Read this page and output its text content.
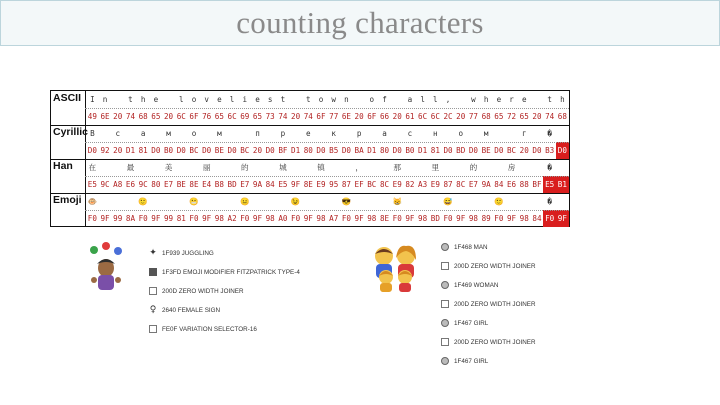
counting characters
ASCII	I	n	t	h	e	l	o	v	e	l	i	e	s	t	t	o	w	n	o	f	a	l	l	,	w	h	e	r	e	t	h
49 6E 20 74 68 65 20 6C 6F 76 65 6C 69 65 73 74 20 74 6F 77 6E 20 6F 66 20 61 6C 6C 2C 20 77 68 65 72 65 20 74 68
Cyrillic В	с	а	м	о	м	п	р	е	к	р	а	с	н	о	м	г	�
D0 92 20 D1 81 D0 B0 D0 BC D0 BE D0 BC 20 D0 BF D1 80 D0 B5 D0 BA D1 80 D0 B0 D1 81 D0 BD D0 BE D0 BC 20 D0 B3 D0
Han	在	最	美	丽	的	城	镇	，	那	里	的	房	�
E5 9C A8 E6 9C 80 E7 BE 8E E4 B8 BD E7 9A 84 E5 9F 8E E9 95 87 EF BC 8C E9 82 A3 E9 87 8C E7 9A 84 E6 88 BF E5 B1
Emoji 🐵	🙂	😬	😐	😉	😎	😸	😅	🙂	�
F0 9F 99 8A F0 9F 99 81 F0 9F 98 A2 F0 9F 98 A0 F0 9F 98 A7 F0 9F 98 8E F0 9F 98 BD F0 9F 98 89 F0 9F 98 84 F0 9F
✦ 1F939 JUGGLING
1F3FD EMOJI MODIFIER FITZPATRICK TYPE-4
200D ZERO WIDTH JOINER
♀ 2640 FEMALE SIGN
FE0F VARIATION SELECTOR-16
1F468 MAN
200D ZERO WIDTH JOINER
1F469 WOMAN
200D ZERO WIDTH JOINER
1F467 GIRL
200D ZERO WIDTH JOINER
1F467 GIRL
